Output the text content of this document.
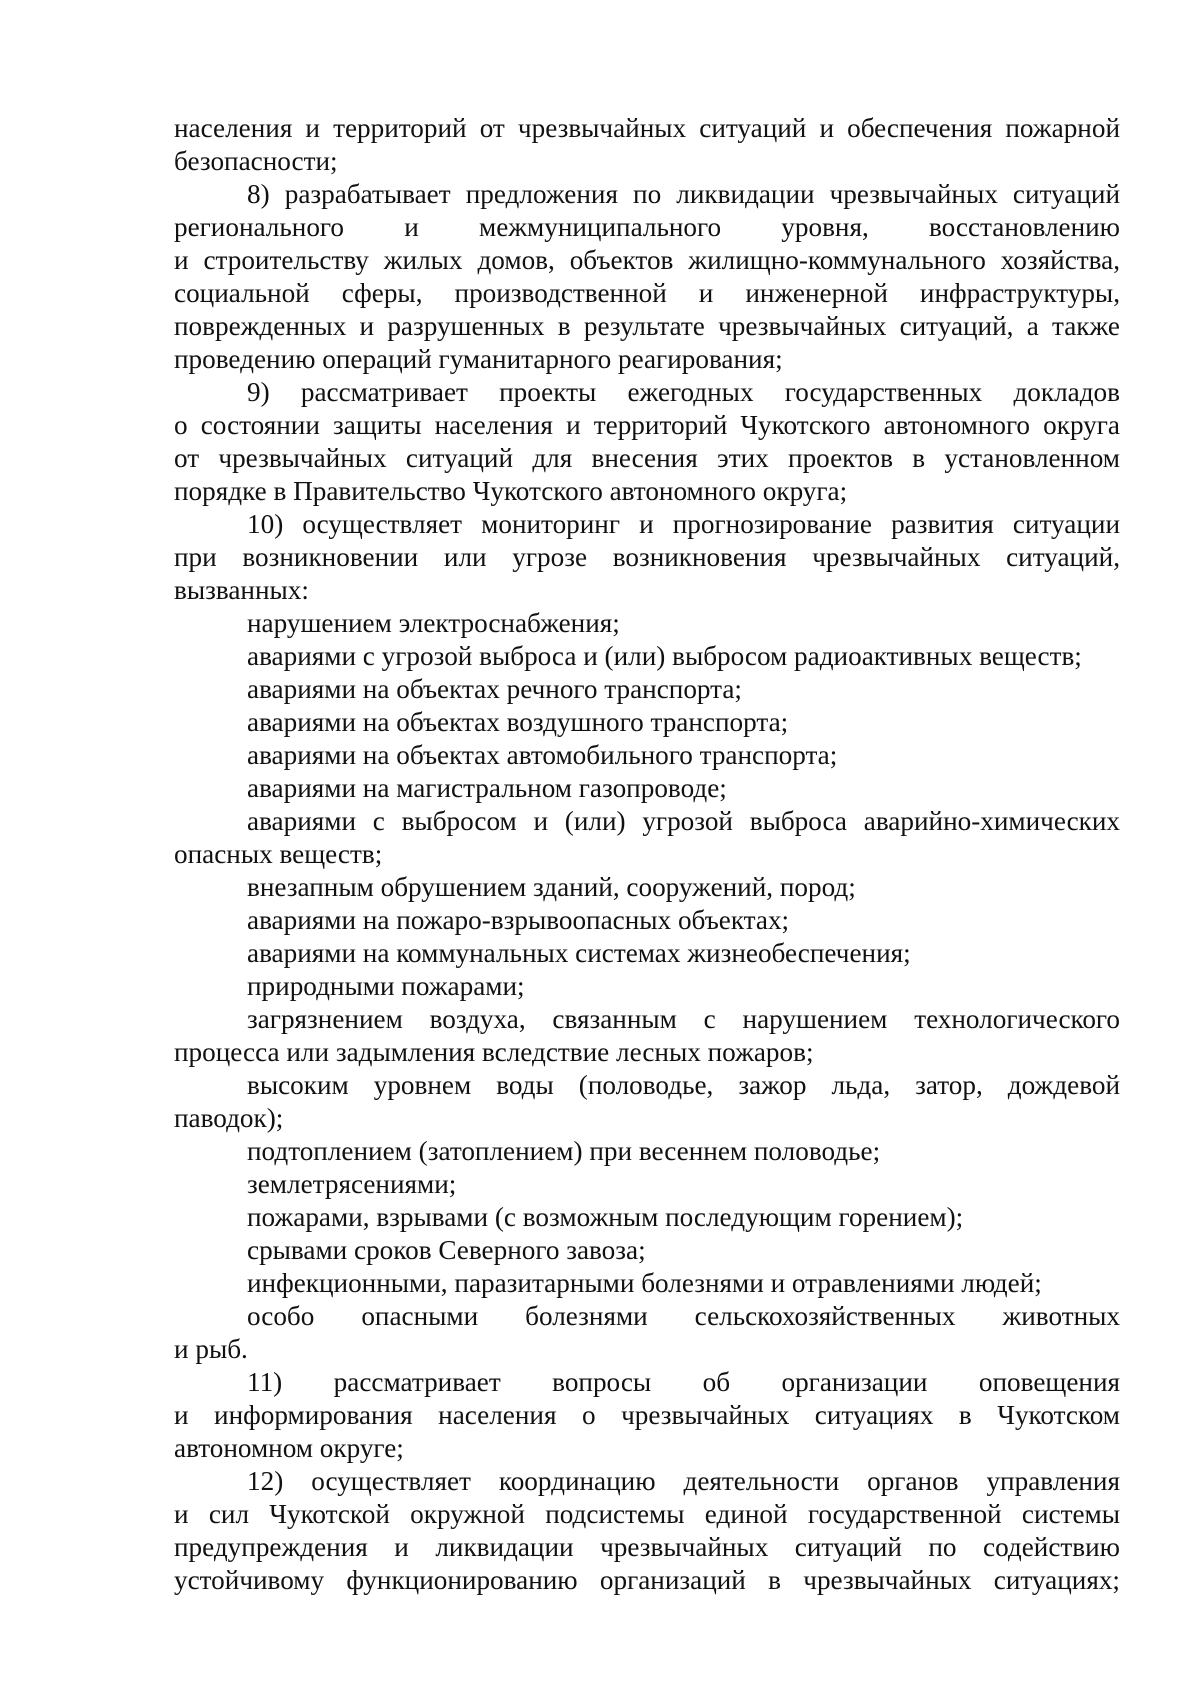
населения и территорий от чрезвычайных ситуаций и обеспечения пожарной

безопасности;

8) разрабатывает предложения по ликвидации чрезвычайных ситуаций

регионального и межмуниципального уровня, восстановлению

и строительству жилых домов, объектов жилищно-коммунального хозяйства,

социальной сферы, производственной и инженерной инфраструктуры,

поврежденных и разрушенных в результате чрезвычайных ситуаций, а также

проведению операций гуманитарного реагирования;

9) рассматривает проекты ежегодных государственных докладов

о состоянии защиты населения и территорий Чукотского автономного округа

от чрезвычайных ситуаций для внесения этих проектов в установленном

порядке в Правительство Чукотского автономного округа;

10) осуществляет мониторинг и прогнозирование развития ситуации

при возникновении или угрозе возникновения чрезвычайных ситуаций,

вызванных:

нарушением электроснабжения;

авариями с угрозой выброса и (или) выбросом радиоактивных веществ;

авариями на объектах речного транспорта;

авариями на объектах воздушного транспорта;

авариями на объектах автомобильного транспорта;

авариями на магистральном газопроводе;

авариями с выбросом и (или) угрозой выброса аварийно-химических

опасных веществ;

внезапным обрушением зданий, сооружений, пород;

авариями на пожаро-взрывоопасных объектах;

авариями на коммунальных системах жизнеобеспечения;

природными пожарами;

загрязнением воздуха, связанным с нарушением технологического

процесса или задымления вследствие лесных пожаров;

высоким уровнем воды (половодье, зажор льда, затор, дождевой

паводок);

подтоплением (затоплением) при весеннем половодье;

землетрясениями;

пожарами, взрывами (с возможным последующим горением);

срывами сроков Северного завоза;

инфекционными, паразитарными болезнями и отравлениями людей;

особо опасными болезнями сельскохозяйственных животных

и рыб.

11) рассматривает вопросы об организации оповещения

и информирования населения о чрезвычайных ситуациях в Чукотском

автономном округе;

12) осуществляет координацию деятельности органов управления

и сил Чукотской окружной подсистемы единой государственной системы

предупреждения и ликвидации чрезвычайных ситуаций по содействию

устойчивому функционированию организаций в чрезвычайных ситуациях;
